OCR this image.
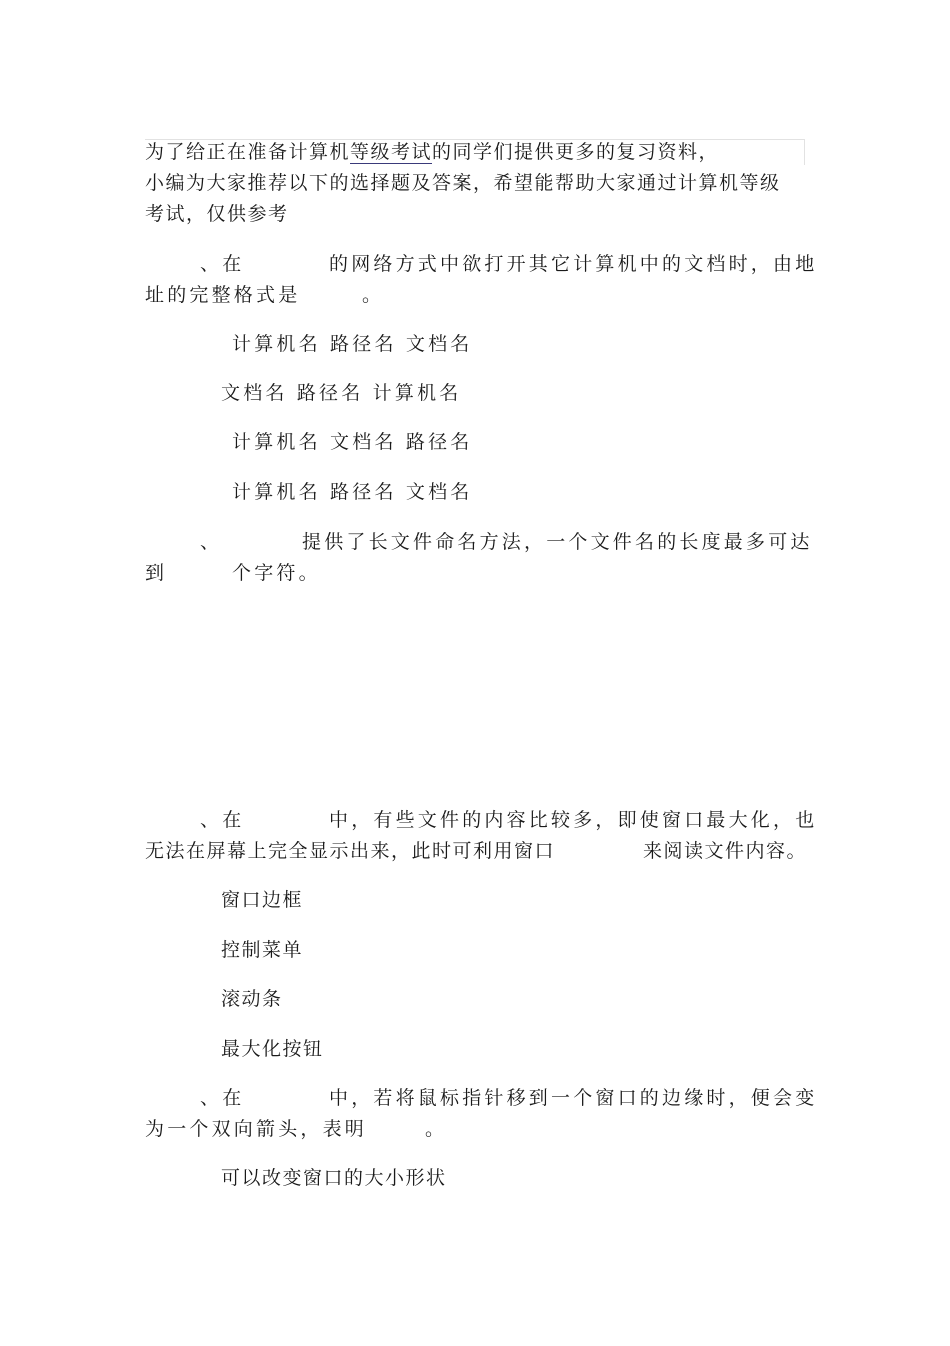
为了给正在准备计算机等级考试的同学们提供更多的复习资料，
小编为大家推荐以下的选择题及答案，希望能帮助大家通过计算机等级
考试，仅供参考
、在	的网络方式中欲打开其它计算机中的文档时，由地
址的完整格式是	。
计算机名 路径名 文档名
文档名 路径名 计算机名
计算机名 文档名 路径名
计算机名 路径名 文档名
、	提供了长文件命名方法，一个文件名的长度最多可达
到	个字符。
、在	中，有些文件的内容比较多，即使窗口最大化，也
无法在屏幕上完全显示出来，此时可利用窗口	来阅读文件内容。
窗口边框
控制菜单
滚动条
最大化按钮
、在	中，若将鼠标指针移到一个窗口的边缘时，便会变
为一个双向箭头，表明	。
可以改变窗口的大小形状
